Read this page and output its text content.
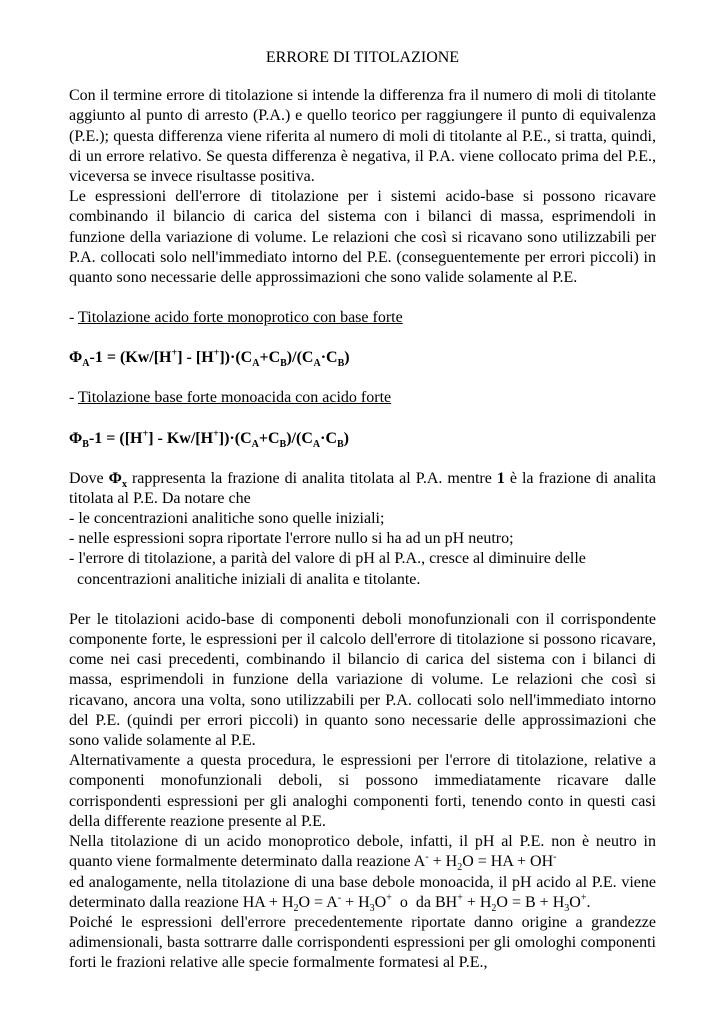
ERRORE DI TITOLAZIONE

Con il termine errore di titolazione si intende la differenza fra il numero di moli di titolante aggiunto al punto di arresto (P.A.) e quello teorico per raggiungere il punto di equivalenza (P.E.); questa differenza viene riferita al numero di moli di titolante al P.E., si tratta, quindi, di un errore relativo. Se questa differenza è negativa, il P.A. viene collocato prima del P.E., viceversa se invece risultasse positiva.

Le espressioni dell'errore di titolazione per i sistemi acido-base si possono ricavare combinando il bilancio di carica del sistema con i bilanci di massa, esprimendoli in funzione della variazione di volume. Le relazioni che così si ricavano sono utilizzabili per P.A. collocati solo nell'immediato intorno del P.E. (conseguentemente per errori piccoli) in quanto sono necessarie delle approssimazioni che sono valide solamente al P.E.

- Titolazione acido forte monoprotico con base forte

$\Phi_A-1 = (Kw/[H^+] - [H^+])\cdot(C_A+C_B)/(C_A\cdot C_B)$

- Titolazione base forte monoacida con acido forte

$\Phi_B-1 = ([H^+] - Kw/[H^+])\cdot(C_A+C_B)/(C_A\cdot C_B)$

Dove $\Phi_x$ rappresenta la frazione di analita titolata al P.A. mentre 1 è la frazione di analita titolata al P.E. Da notare che

- le concentrazioni analitiche sono quelle iniziali;

- nelle espressioni sopra riportate l'errore nullo si ha ad un pH neutro;

- l'errore di titolazione, a parità del valore di pH al P.A., cresce al diminuire delle

concentrazioni analitiche iniziali di analita e titolante.

Per le titolazioni acido-base di componenti deboli monofunzionali con il corrispondente componente forte, le espressioni per il calcolo dell'errore di titolazione si possono ricavare, come nei casi precedenti, combinando il bilancio di carica del sistema con i bilanci di massa, esprimendoli in funzione della variazione di volume. Le relazioni che così si ricavano, ancora una volta, sono utilizzabili per P.A. collocati solo nell'immediato intorno del P.E. (quindi per errori piccoli) in quanto sono necessarie delle approssimazioni che sono valide solamente al P.E.

Alternativamente a questa procedura, le espressioni per l'errore di titolazione, relative a componenti monofunzionali deboli, si possono immediatamente ricavare dalle corrispondenti espressioni per gli analoghi componenti forti, tenendo conto in questi casi della differente reazione presente al P.E.

Nella titolazione di un acido monoprotico debole, infatti, il pH al P.E. non è neutro in quanto viene formalmente determinato dalla reazione $A^- + H_2O$ = HA + OH-

ed analogamente, nella titolazione di una base debole monoacida, il pH acido al P.E. viene determinato dalla reazione HA + $H_2O = A^- + H_3O^+$  o  da $BH^+ + H_2O = B + H_3O^+$.

Poiché le espressioni dell'errore precedentemente riportate danno origine a grandezze adimensionali, basta sottrarre dalle corrispondenti espressioni per gli omologhi componenti forti le frazioni relative alle specie formalmente formatesi al P.E.,
